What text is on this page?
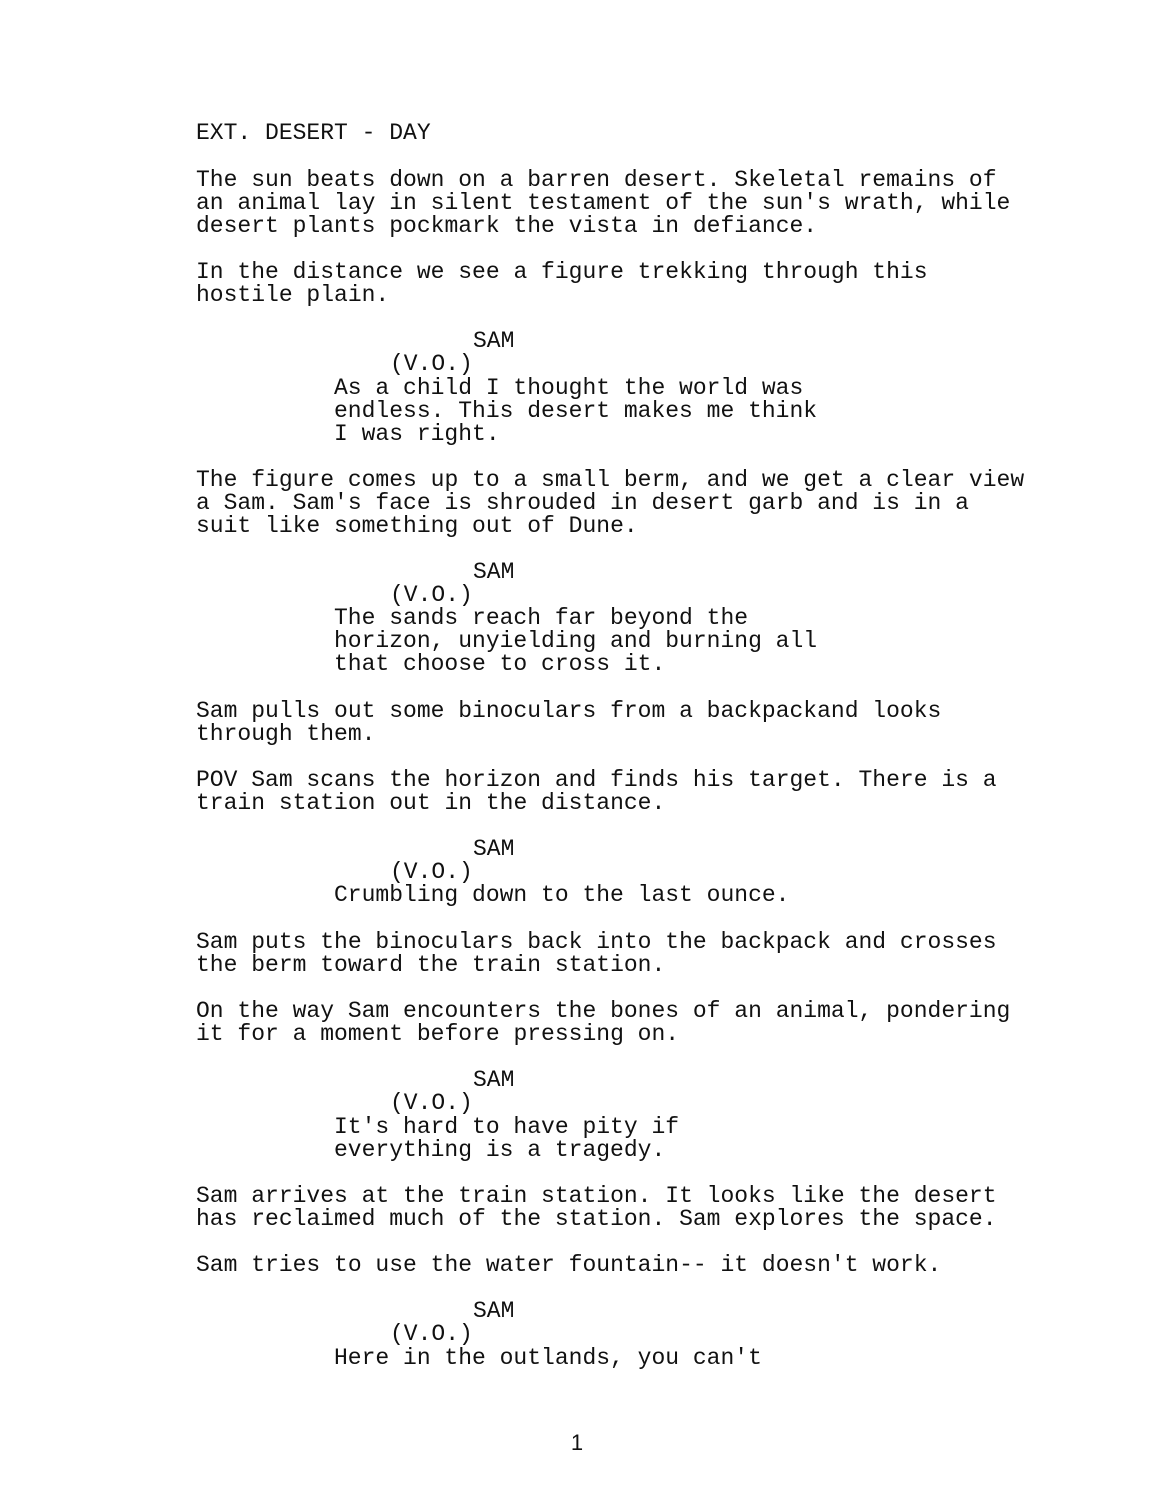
EXT. DESERT - DAY

The sun beats down on a barren desert. Skeletal remains of

an animal lay in silent testament of the sun's wrath, while

desert plants pockmark the vista in defiance.

In the distance we see a figure trekking through this

hostile plain.

SAM

(V.O.)

As a child I thought the world was

endless. This desert makes me think

I was right.

The figure comes up to a small berm, and we get a clear view

a Sam. Sam's face is shrouded in desert garb and is in a

suit like something out of Dune.

SAM

(V.O.)

The sands reach far beyond the

horizon, unyielding and burning all

that choose to cross it.

Sam pulls out some binoculars from a backpackand looks

through them.

POV Sam scans the horizon and finds his target. There is a

train station out in the distance.

SAM

(V.O.)

Crumbling down to the last ounce.

Sam puts the binoculars back into the backpack and crosses

the berm toward the train station.

On the way Sam encounters the bones of an animal, pondering

it for a moment before pressing on.

SAM

(V.O.)

It's hard to have pity if

everything is a tragedy.

Sam arrives at the train station. It looks like the desert

has reclaimed much of the station. Sam explores the space.

Sam tries to use the water fountain-- it doesn't work.

SAM

(V.O.)

Here in the outlands, you can't

1
